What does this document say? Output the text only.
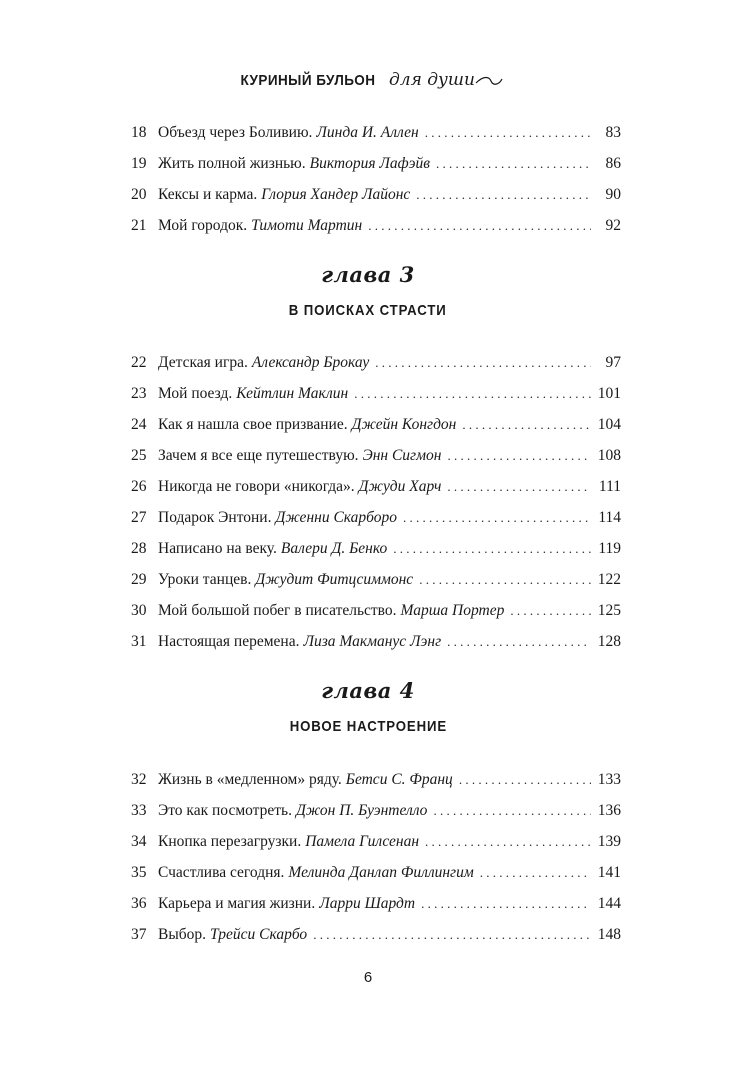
КУРИНЫЙ БУЛЬОН для души
18 Объезд через Боливию. Линда И. Аллен . . .	83
19 Жить полной жизнью. Виктория Лафэйв . . .	86
20 Кексы и карма. Глория Хандер Лайонс . . .	90
21 Мой городок. Тимоти Мартин . . .	92
глава 3
В ПОИСКАХ СТРАСТИ
22 Детская игра. Александр Брокау . . .	97
23 Мой поезд. Кейтлин Маклин . . .	101
24 Как я нашла свое призвание. Джейн Конгдон . . .	104
25 Зачем я все еще путешествую. Энн Сигмон . . .	108
26 Никогда не говори «никогда». Джуди Харч . . .	111
27 Подарок Энтони. Дженни Скарборо . . .	114
28 Написано на веку. Валери Д. Бенко . . .	119
29 Уроки танцев. Джудит Фитцсиммонс . . .	122
30 Мой большой побег в писательство. Марша Портер . . .	125
31 Настоящая перемена. Лиза Макманус Лэнг . . .	128
глава 4
НОВОЕ НАСТРОЕНИЕ
32 Жизнь в «медленном» ряду. Бетси С. Франц . . .	133
33 Это как посмотреть. Джон П. Буэнтелло . . .	136
34 Кнопка перезагрузки. Памела Гилсенан . . .	139
35 Счастлива сегодня. Мелинда Данлап Филлингим . . .	141
36 Карьера и магия жизни. Ларри Шардт . . .	144
37 Выбор. Трейси Скарбо . . .	148
6
